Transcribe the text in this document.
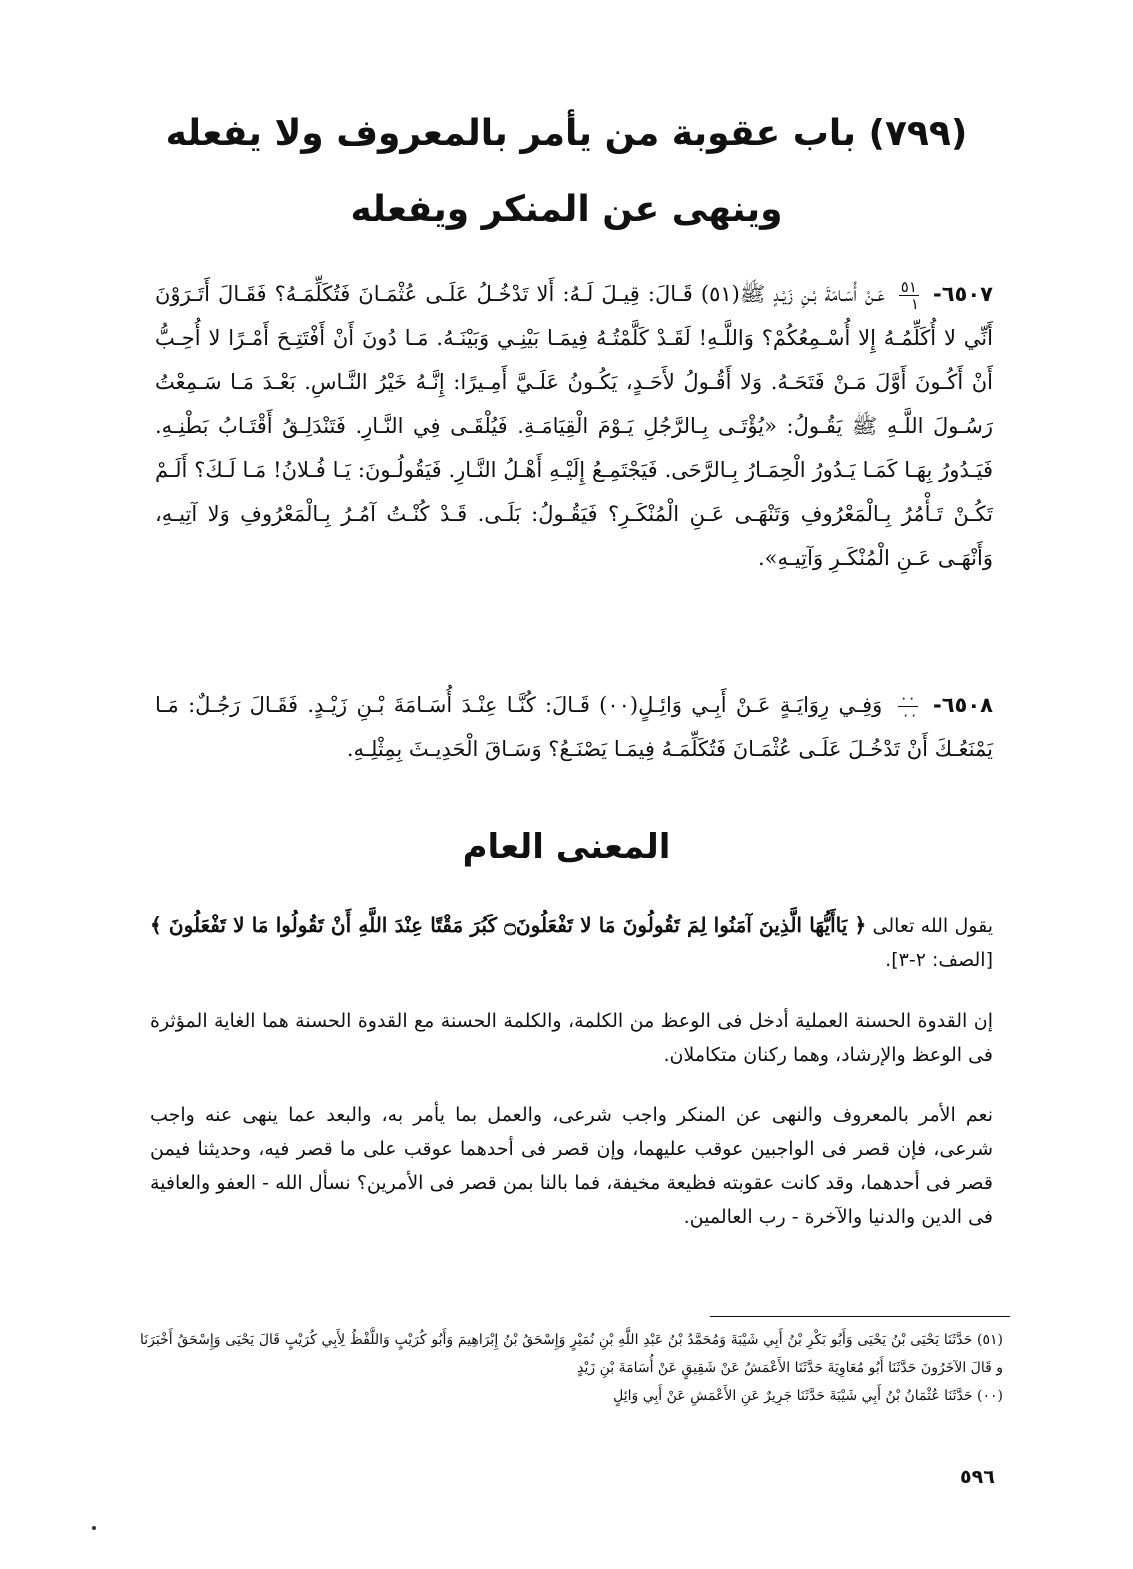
(٧٩٩) باب عقوبة من يأمر بالمعروف ولا يفعله
وينهى عن المنكر ويفعله
٦٥٠٧-
٥١
١
عَـنْ أُسَـامَةَ بْـنِ زَيْـدٍ ﷺ(٥١) قَـالَ: قِيـلَ لَـهُ: أَلا تَدْخُـلُ عَلَـى عُثْمَـانَ فَتُكَلِّمَـهُ؟ فَقَـالَ أَتَـرَوْنَ أَنِّي لا أُكَلِّمُـهُ إِلا أُسْـمِعُكُمْ؟ وَاللَّـهِ! لَقَـدْ كَلَّمْتُـهُ فِيمَـا بَيْنِـي وَبَيْنَـهُ. مَـا دُونَ أَنْ أَفْتَتِـحَ أَمْـرًا لا أُحِـبُّ أَنْ أَكُـونَ أَوَّلَ مَـنْ فَتَحَـهُ. وَلا أَقُـولُ لأَحَـدٍ، يَكُـونُ عَلَـيَّ أَمِـيرًا: إِنَّـهُ خَيْرُ النَّـاسِ. بَعْـدَ مَـا سَـمِعْتُ رَسُـولَ اللَّـهِ ﷺ يَقُـولُ: «يُؤْتَـى بِـالرَّجُلِ يَـوْمَ الْقِيَامَـةِ. فَيُلْقَـى فِي النَّـارِ. فَتَنْدَلِـقُ أَقْتَـابُ بَطْنِـهِ. فَيَـدُورُ بِهَـا كَمَـا يَـدُورُ الْحِمَـارُ بِـالرَّحَى. فَيَجْتَمِـعُ إِلَيْـهِ أَهْـلُ النَّـارِ. فَيَقُولُـونَ: يَـا فُـلانُ! مَـا لَـكَ؟ أَلَـمْ تَكُـنْ تَـأْمُرُ بِـالْمَعْرُوفِ وَتَنْهَـى عَـنِ الْمُنْكَـرِ؟ فَيَقُـولُ: بَلَـى. قَـدْ كُنْـتُ آمُـرُ بِـالْمَعْرُوفِ وَلا آتِيـهِ، وَأَنْهَـى عَـنِ الْمُنْكَـرِ وَآتِيـهِ».
٦٥٠٨-
٠٠
٠٠
وَفِـي رِوَايَـةٍ عَـنْ أَبِـي وَائِـلٍ(٠٠) قَـالَ: كُنَّـا عِنْـدَ أُسَـامَةَ بْـنِ زَيْـدٍ. فَقَـالَ رَجُـلٌ: مَـا يَمْنَعُـكَ أَنْ تَدْخُـلَ عَلَـى عُثْمَـانَ فَتُكَلِّمَـهُ فِيمَـا يَصْنَـعُ؟ وَسَـاقَ الْحَدِيـثَ بِمِثْلِـهِ.
المعنى العام
يقول الله تعالى ﴿ يَاأَيُّهَا الَّذِينَ آمَنُوا لِمَ تَقُولُونَ مَا لا تَفْعَلُونَ۝ كَبُرَ مَقْتًا عِنْدَ اللَّهِ أَنْ تَقُولُوا مَا لا تَفْعَلُونَ ﴾ [الصف: ٢-٣].
إن القدوة الحسنة العملية أدخل فى الوعظ من الكلمة، والكلمة الحسنة مع القدوة الحسنة هما الغاية المؤثرة فى الوعظ والإرشاد، وهما ركنان متكاملان.
نعم الأمر بالمعروف والنهى عن المنكر واجب شرعى، والعمل بما يأمر به، والبعد عما ينهى عنه واجب شرعى، فإن قصر فى الواجبين عوقب عليهما، وإن قصر فى أحدهما عوقب على ما قصر فيه، وحديثنا فيمن قصر فى أحدهما، وقد كانت عقوبته فظيعة مخيفة، فما بالنا بمن قصر فى الأمرين؟ نسأل الله - العفو والعافية فى الدين والدنيا والآخرة - رب العالمين.

(٥١) حَدَّثَنَا يَحْيَى بْنُ يَحْيَى وَأَبُو بَكْرِ بْنُ أَبِي شَيْبَةَ وَمُحَمَّدُ بْنُ عَبْدِ اللَّهِ بْنِ نُمَيْرٍ وَإِسْحَقُ بْنُ إِبْرَاهِيمَ وَأَبُو كُرَيْبٍ وَاللَّفْظُ لِأَبِي كُرَيْبٍ قَالَ يَحْيَى وَإِسْحَقُ أَخْبَرَنَا و قَالَ الآخَرُونَ حَدَّثَنَا أَبُو مُعَاوِيَةَ حَدَّثَنَا الأَعْمَشُ عَنْ شَقِيقٍ عَنْ أُسَامَةَ بْنِ زَيْدٍ

(٠٠) حَدَّثَنَا عُثْمَانُ بْنُ أَبِي شَيْبَةَ حَدَّثَنَا جَرِيرٌ عَنِ الأَعْمَشِ عَنْ أَبِي وَائِلٍ

٥٩٦
